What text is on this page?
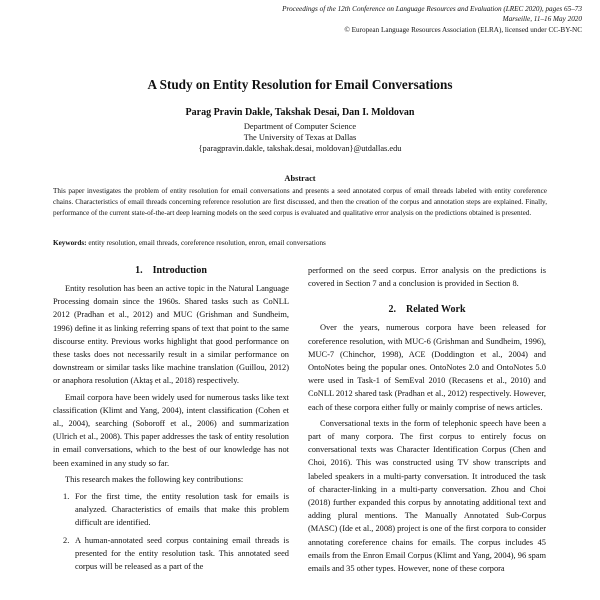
Proceedings of the 12th Conference on Language Resources and Evaluation (LREC 2020), pages 65–73
Marseille, 11–16 May 2020
© European Language Resources Association (ELRA), licensed under CC-BY-NC
A Study on Entity Resolution for Email Conversations
Parag Pravin Dakle, Takshak Desai, Dan I. Moldovan
Department of Computer Science
The University of Texas at Dallas
{paragpravin.dakle, takshak.desai, moldovan}@utdallas.edu
Abstract
This paper investigates the problem of entity resolution for email conversations and presents a seed annotated corpus of email threads labeled with entity coreference chains. Characteristics of email threads concerning reference resolution are first discussed, and then the creation of the corpus and annotation steps are explained. Finally, performance of the current state-of-the-art deep learning models on the seed corpus is evaluated and qualitative error analysis on the predictions obtained is presented.
Keywords: entity resolution, email threads, coreference resolution, enron, email conversations
1.    Introduction
Entity resolution has been an active topic in the Natural Language Processing domain since the 1960s. Shared tasks such as CoNLL 2012 (Pradhan et al., 2012) and MUC (Grishman and Sundheim, 1996) define it as linking referring spans of text that point to the same discourse entity. Previous works highlight that good performance on these tasks does not necessarily result in a similar performance on downstream or similar tasks like machine translation (Guillou, 2012) or anaphora resolution (Aktaş et al., 2018) respectively.
Email corpora have been widely used for numerous tasks like text classification (Klimt and Yang, 2004), intent classification (Cohen et al., 2004), searching (Soboroff et al., 2006) and summarization (Ulrich et al., 2008). This paper addresses the task of entity resolution in email conversations, which to the best of our knowledge has not been examined in any study so far.
This research makes the following key contributions:
1. For the first time, the entity resolution task for emails is analyzed. Characteristics of emails that make this problem difficult are identified.
2. A human-annotated seed corpus containing email threads is presented for the entity resolution task. This annotated seed corpus will be released as a part of the
performed on the seed corpus. Error analysis on the predictions is covered in Section 7 and a conclusion is provided in Section 8.
2.    Related Work
Over the years, numerous corpora have been released for coreference resolution, with MUC-6 (Grishman and Sundheim, 1996), MUC-7 (Chinchor, 1998), ACE (Doddington et al., 2004) and OntoNotes being the popular ones. OntoNotes 2.0 and OntoNotes 5.0 were used in Task-1 of SemEval 2010 (Recasens et al., 2010) and CoNLL 2012 shared task (Pradhan et al., 2012) respectively. However, each of these corpora either fully or mainly comprise of news articles.
Conversational texts in the form of telephonic speech have been a part of many corpora. The first corpus to entirely focus on conversational texts was Character Identification Corpus (Chen and Choi, 2016). This was constructed using TV show transcripts and labeled speakers in a multi-party conversation. It introduced the task of character-linking in a multi-party conversation. Zhou and Choi (2018) further expanded this corpus by annotating additional text and adding plural mentions. The Manually Annotated Sub-Corpus (MASC) (Ide et al., 2008) project is one of the first corpora to consider annotating coreference chains for emails. The corpus includes 45 emails from the Enron Email Corpus (Klimt and Yang, 2004), 96 spam emails and 35 other types. However, none of these corpora
